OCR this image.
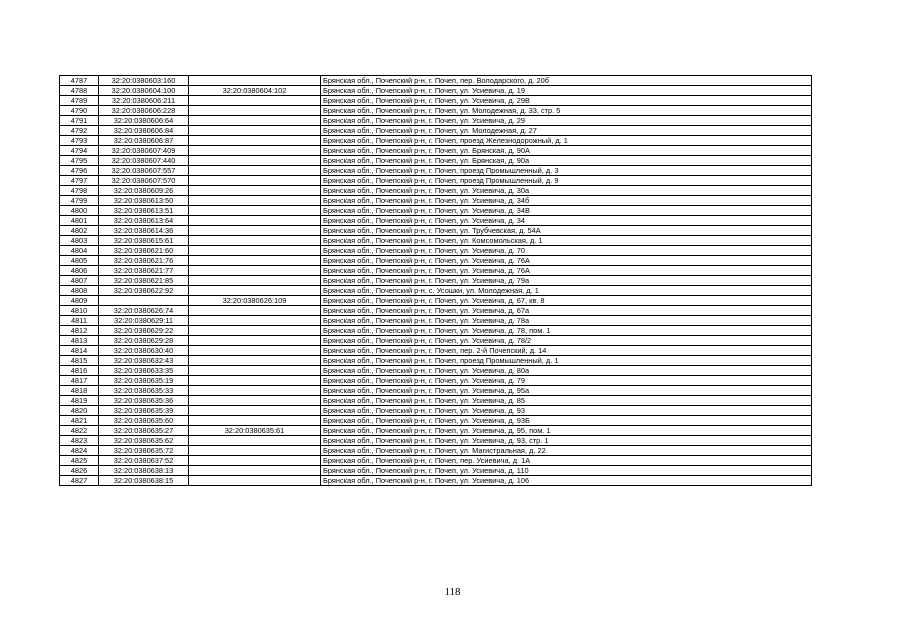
4787	32:20:0380603:160		Брянская обл., Почепский р-н, г. Почеп, пер. Володарского, д. 20б
4788	32:20:0380604:100	32:20:0380604:102	Брянская обл., Почепский р-н, г. Почеп, ул. Усиевича, д. 19
4789	32:20:0380606:211		Брянская обл., Почепский р-н, г. Почеп, ул. Усиевича, д. 29В
4790	32:20:0380606:228		Брянская обл., Почепский р-н, г. Почеп, ул. Молодежная, д. 33, стр. 5
4791	32:20:0380606:64		Брянская обл., Почепский р-н, г. Почеп, ул. Усиевича, д. 29
4792	32:20:0380606:84		Брянская обл., Почепский р-н, г. Почеп, ул. Молодежная, д. 27
4793	32:20:0380606:87		Брянская обл., Почепский р-н, г. Почеп, проезд Железнодорожный, д. 1
4794	32:20:0380607:409		Брянская обл., Почепский р-н, г. Почеп, ул. Брянская, д. 90А
4795	32:20:0380607:440		Брянская обл., Почепский р-н, г. Почеп, ул. Брянская, д. 90а
4796	32:20:0380607:557		Брянская обл., Почепский р-н, г. Почеп, проезд Промышленный, д. 3
4797	32:20:0380607:570		Брянская обл., Почепский р-н, г. Почеп, проезд Промышленный, д. 9
4798	32:20:0380609:26		Брянская обл., Почепский р-н, г. Почеп, ул. Усиевича, д. 30а
4799	32:20:0380613:50		Брянская обл., Почепский р-н, г. Почеп, ул. Усиевича, д. 34б
4800	32:20:0380613:51		Брянская обл., Почепский р-н, г. Почеп, ул. Усиевича, д. 34В
4801	32:20:0380613:64		Брянская обл., Почепский р-н, г. Почеп, ул. Усиевича, д. 34
4802	32:20:0380614:36		Брянская обл., Почепский р-н, г. Почеп, ул. Трубчевская, д. 54А
4803	32:20:0380615:61		Брянская обл., Почепский р-н, г. Почеп, ул. Комсомольская, д. 1
4804	32:20:0380621:60		Брянская обл., Почепский р-н, г. Почеп, ул. Усиевича, д. 70
4805	32:20:0380621:76		Брянская обл., Почепский р-н, г. Почеп, ул. Усиевича, д. 76А
4806	32:20:0380621:77		Брянская обл., Почепский р-н, г. Почеп, ул. Усиевича, д. 76А
4807	32:20:0380621:85		Брянская обл., Почепский р-н, г. Почеп, ул. Усиевича, д. 79а
4808	32:20:0380622:92		Брянская обл., Почепский р-н, с. Усошки, ул. Молодежная, д. 1
4809		32:20:0380626:109	Брянская обл., Почепский р-н, г. Почеп, ул. Усиевича, д. 67, кв. 8
4810	32:20:0380626:74		Брянская обл., Почепский р-н, г. Почеп, ул. Усиевича, д. 67а
4811	32:20:0380629:11		Брянская обл., Почепский р-н, г. Почеп, ул. Усиевича, д. 78а
4812	32:20:0380629:22		Брянская обл., Почепский р-н, г. Почеп, ул. Усиевича, д. 78, пом. 1
4813	32:20:0380629:28		Брянская обл., Почепский р-н, г. Почеп, ул. Усиевича, д. 78/2
4814	32:20:0380630:40		Брянская обл., Почепский р-н, г. Почеп, пер. 2-й Почепский, д. 14
4815	32:20:0380632:43		Брянская обл., Почепский р-н, г. Почеп, проезд Промышленный, д. 1
4816	32:20:0380633:35		Брянская обл., Почепский р-н, г. Почеп, ул. Усиевича, д. 80а
4817	32:20:0380635:19		Брянская обл., Почепский р-н, г. Почеп, ул. Усиевича, д. 79
4818	32:20:0380635:33		Брянская обл., Почепский р-н, г. Почеп, ул. Усиевича, д. 95а
4819	32:20:0380635:36		Брянская обл., Почепский р-н, г. Почеп, ул. Усиевича, д. 85
4820	32:20:0380635:39		Брянская обл., Почепский р-н, г. Почеп, ул. Усиевича, д. 93
4821	32:20:0380635:60		Брянская обл., Почепский р-н, г. Почеп, ул. Усиевича, д. 93Б
4822	32:20:0380635:27	32:20:0380635:61	Брянская обл., Почепский р-н, г. Почеп, ул. Усиевича, д. 95, пом. 1
4823	32:20:0380635:62		Брянская обл., Почепский р-н, г. Почеп, ул. Усиевича, д. 93, стр. 1
4824	32:20:0380635:72		Брянская обл., Почепский р-н, г. Почеп, ул. Магистральная, д. 22
4825	32:20:0380637:52		Брянская обл., Почепский р-н, г. Почеп, пер. Усиевича, д. 1А
4826	32:20:0380638:13		Брянская обл., Почепский р-н, г. Почеп, ул. Усиевича, д. 110
4827	32:20:0380638:15		Брянская обл., Почепский р-н, г. Почеп, ул. Усиевича, д. 106
118
